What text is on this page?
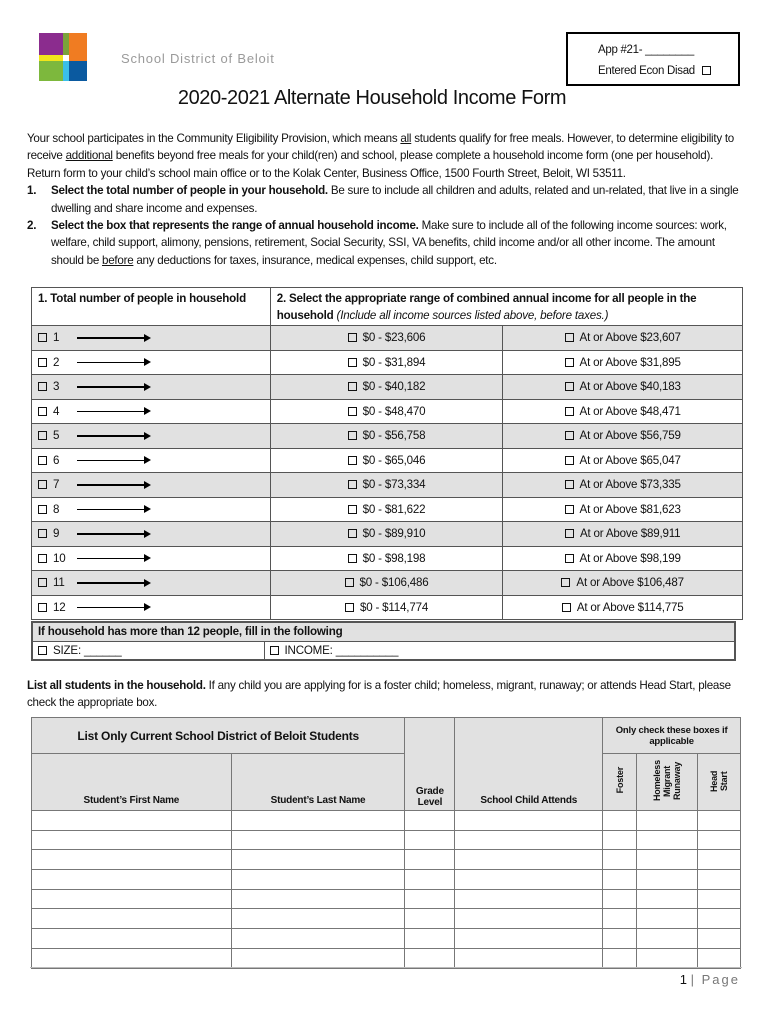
School District of Beloit
App #21- ________
Entered Econ Disad
2020-2021 Alternate Household Income Form

Your school participates in the Community Eligibility Provision, which means all students qualify for free meals. However, to determine eligibility to receive additional benefits beyond free meals for your child(ren) and school, please complete a household income form (one per household). Return form to your child’s school main office or to the Kolak Center, Business Office, 1500 Fourth Street, Beloit, WI 53511.

1. Select the total number of people in your household. Be sure to include all children and adults, related and un-related, that live in a single dwelling and share income and expenses.
2. Select the box that represents the range of annual household income. Make sure to include all of the following income sources: work, welfare, child support, alimony, pensions, retirement, Social Security, SSI, VA benefits, child income and/or all other income. The amount should be before any deductions for taxes, insurance, medical expenses, child support, etc.
1. Total number of people in household	2. Select the appropriate range of combined annual income for all people in the household (Include all income sources listed above, before taxes.)	
1	$0 - $23,606	At or Above $23,607
2	$0 - $31,894	At or Above $31,895
3	$0 - $40,182	At or Above $40,183
4	$0 - $48,470	At or Above $48,471
5	$0 - $56,758	At or Above $56,759
6	$0 - $65,046	At or Above $65,047
7	$0 - $73,334	At or Above $73,335
8	$0 - $81,622	At or Above $81,623
9	$0 - $89,910	At or Above $89,911
10	$0 - $98,198	At or Above $98,199
11	$0 - $106,486	At or Above $106,487
12	$0 - $114,774	At or Above $114,775
If household has more than 12 people, fill in the following
SIZE: ______	INCOME: __________
List all students in the household. If any child you are applying for is a foster child; homeless, migrant, runaway; or attends Head Start, please check the appropriate box.
List Only Current School District of Beloit Students		Grade Level	School Child Attends	Only check these boxes if applicable		
Student’s First Name	Student’s Last Name			Foster	Homeless Migrant Runaway	Head Start

1 | Page
